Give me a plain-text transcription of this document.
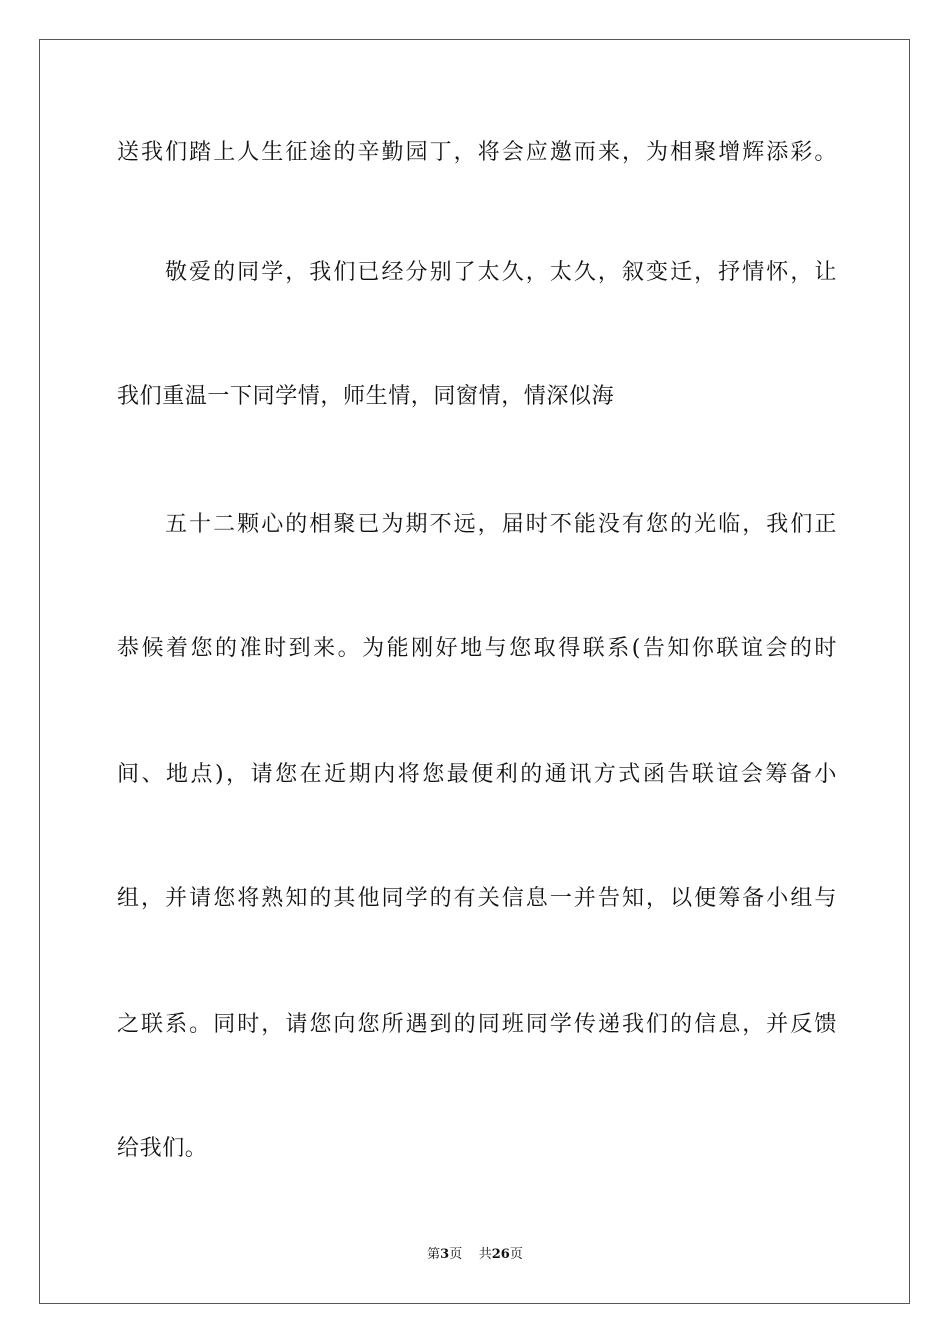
送我们踏上人生征途的辛勤园丁，将会应邀而来，为相聚增辉添彩。
敬爱的同学，我们已经分别了太久，太久，叙变迁，抒情怀，让
我们重温一下同学情，师生情，同窗情，情深似海
五十二颗心的相聚已为期不远，届时不能没有您的光临，我们正
恭候着您的准时到来。为能刚好地与您取得联系(告知你联谊会的时
间、地点)，请您在近期内将您最便利的通讯方式函告联谊会筹备小
组，并请您将熟知的其他同学的有关信息一并告知，以便筹备小组与
之联系。同时，请您向您所遇到的同班同学传递我们的信息，并反馈
给我们。
第3页 共26页
